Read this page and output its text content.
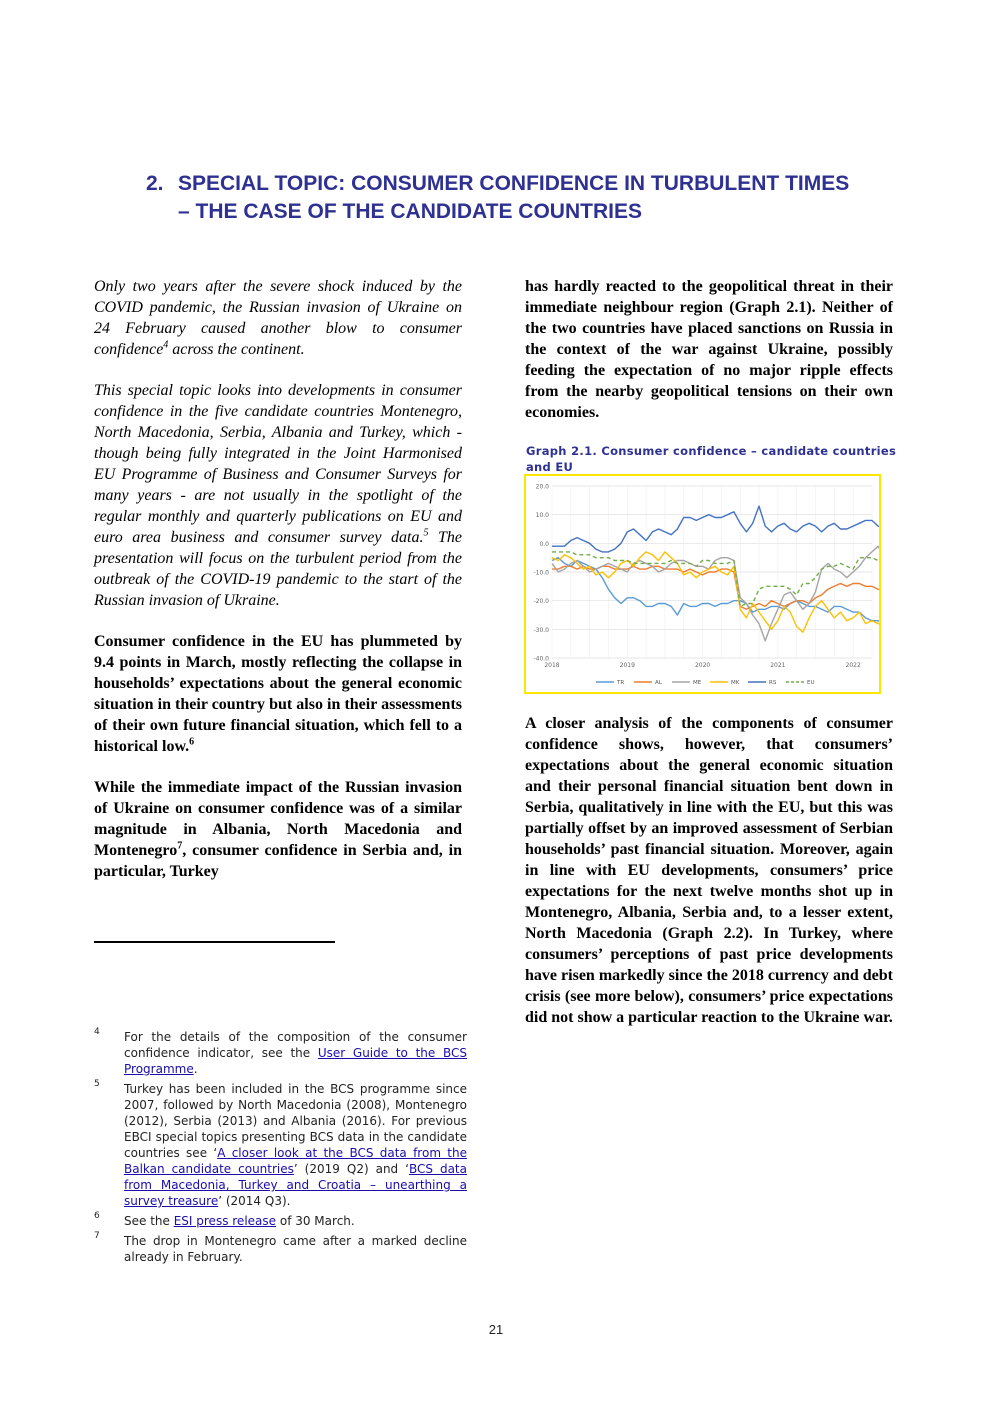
2. SPECIAL TOPIC: CONSUMER CONFIDENCE IN TURBULENT TIMES
– THE CASE OF THE CANDIDATE COUNTRIES

Only two years after the severe shock induced by the COVID pandemic, the Russian invasion of Ukraine on 24 February caused another blow to consumer confidence$^4$ across the continent.

This special topic looks into developments in consumer confidence in the five candidate countries Montenegro, North Macedonia, Serbia, Albania and Turkey, which - though being fully integrated in the Joint Harmonised EU Programme of Business and Consumer Surveys for many years - are not usually in the spotlight of the regular monthly and quarterly publications on EU and euro area business and consumer survey data.$^5$ The presentation will focus on the turbulent period from the outbreak of the COVID-19 pandemic to the start of the Russian invasion of Ukraine.

Consumer confidence in the EU has plummeted by 9.4 points in March, mostly reflecting the collapse in households’ expectations about the general economic situation in their country but also in their assessments of their own future financial situation, which fell to a historical low.$^6$

While the immediate impact of the Russian invasion of Ukraine on consumer confidence was of a similar magnitude in Albania, North Macedonia and Montenegro$^7$, consumer confidence in Serbia and, in particular, Turkey

4 For the details of the composition of the consumer confidence indicator, see the User Guide to the BCS Programme.
5 Turkey has been included in the BCS programme since 2007, followed by North Macedonia (2008), Montenegro (2012), Serbia (2013) and Albania (2016). For previous EBCI special topics presenting BCS data in the candidate countries see ‘A closer look at the BCS data from the Balkan candidate countries’ (2019 Q2) and ‘BCS data from Macedonia, Turkey and Croatia – unearthing a survey treasure’ (2014 Q3).
6 See the ESI press release of 30 March.
7 The drop in Montenegro came after a marked decline already in February.

has hardly reacted to the geopolitical threat in their immediate neighbour region (Graph 2.1). Neither of the two countries have placed sanctions on Russia in the context of the war against Ukraine, possibly feeding the expectation of no major ripple effects from the nearby geopolitical tensions on their own economies.

Graph 2.1. Consumer confidence – candidate countries and EU
20.0
10.0
0.0
-10.0
-20.0
-30.0
-40.0
2018	2019	2020	2021	2022
TR	AL	ME	MK	RS	EU

A closer analysis of the components of consumer confidence shows, however, that consumers’ expectations about the general economic situation and their personal financial situation bent down in Serbia, qualitatively in line with the EU, but this was partially offset by an improved assessment of Serbian households’ past financial situation. Moreover, again in line with EU developments, consumers’ price expectations for the next twelve months shot up in Montenegro, Albania, Serbia and, to a lesser extent, North Macedonia (Graph 2.2). In Turkey, where consumers’ perceptions of past price developments have risen markedly since the 2018 currency and debt crisis (see more below), consumers’ price expectations did not show a particular reaction to the Ukraine war.

21
